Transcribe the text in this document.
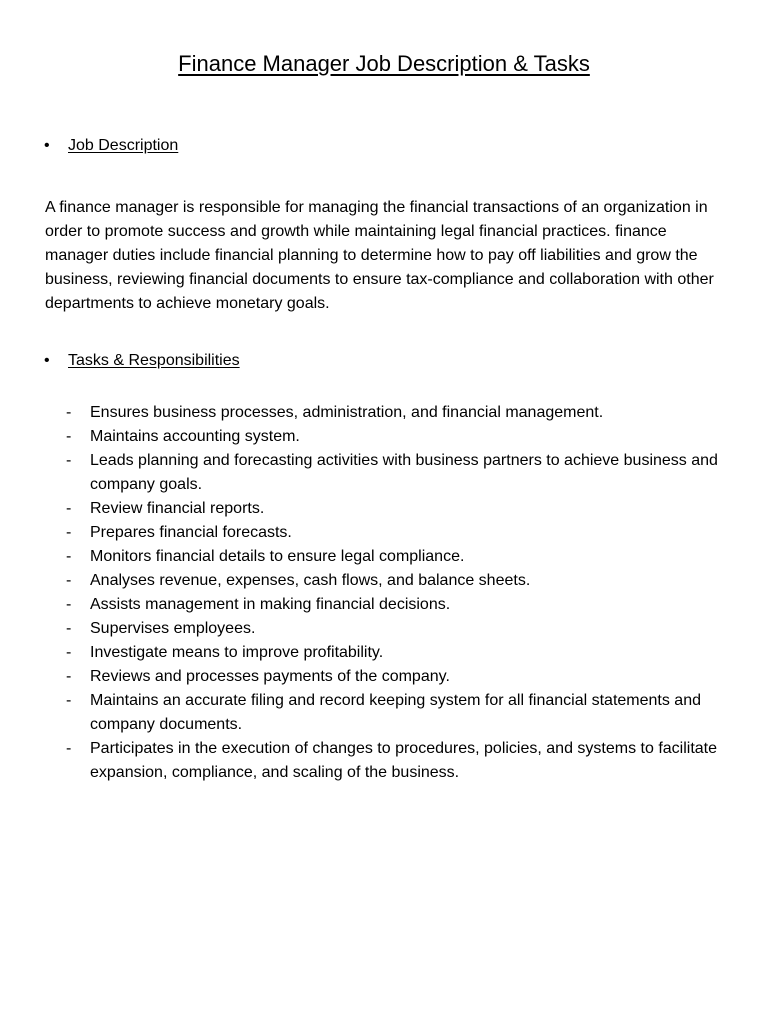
Finance Manager Job Description & Tasks
•	Job Description

A finance manager is responsible for managing the financial transactions of an organization in order to promote success and growth while maintaining legal financial practices. finance manager duties include financial planning to determine how to pay off liabilities and grow the business, reviewing financial documents to ensure tax-compliance and collaboration with other departments to achieve monetary goals.

•	Tasks & Responsibilities
-	Ensures business processes, administration, and financial management.
-	Maintains accounting system.
-	Leads planning and forecasting activities with business partners to achieve business and company goals.
-	Review financial reports.
-	Prepares financial forecasts.
-	Monitors financial details to ensure legal compliance.
-	Analyses revenue, expenses, cash flows, and balance sheets.
-	Assists management in making financial decisions.
-	Supervises employees.
-	Investigate means to improve profitability.
-	Reviews and processes payments of the company.
-	Maintains an accurate filing and record keeping system for all financial statements and company documents.
-	Participates in the execution of changes to procedures, policies, and systems to facilitate expansion, compliance, and scaling of the business.
